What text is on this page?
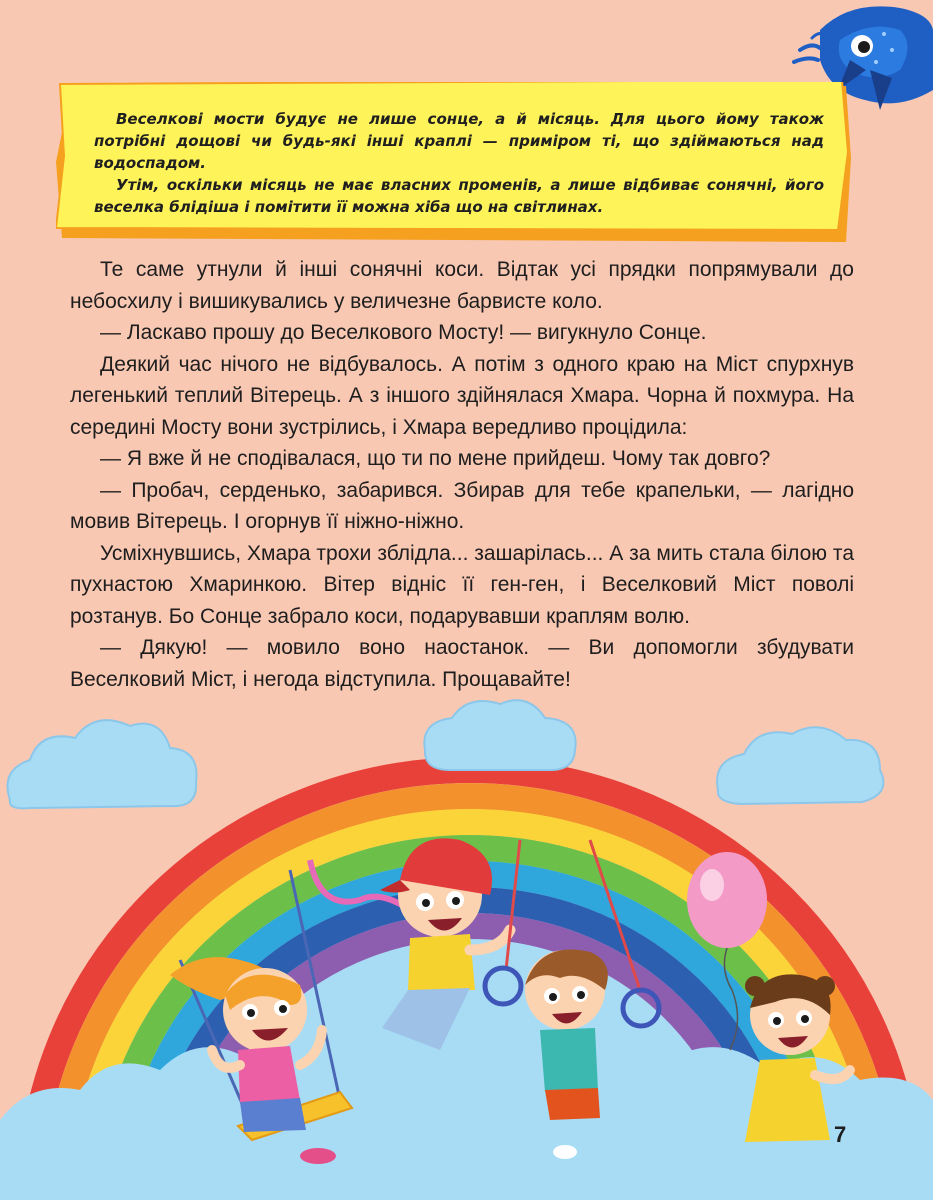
Веселкові мости будує не лише сонце, а й місяць. Для цього йому також потрібні дощові чи будь-які інші краплі — приміром ті, що здіймаються над водоспадом.

Утім, оскільки місяць не має власних променів, а лише відбиває сонячні, його веселка блідіша і помітити її можна хіба що на світлинах.

Те саме утнули й інші сонячні коси. Відтак усі прядки попрямували до небосхилу і вишикувались у величезне барвисте коло.

— Ласкаво прошу до Веселкового Мосту! — вигукнуло Сонце.

Деякий час нічого не відбувалось. А потім з одного краю на Міст спурхнув легенький теплий Вітерець. А з іншого здійнялася Хмара. Чорна й похмура. На середині Мосту вони зустрілись, і Хмара вередливо процідила:

— Я вже й не сподівалася, що ти по мене прийдеш. Чому так довго?

— Пробач, серденько, забарився. Збирав для тебе крапельки, — лагідно мовив Вітерець. І огорнув її ніжно-ніжно.

Усміхнувшись, Хмара трохи зблідла... зашарілась... А за мить стала білою та пухнастою Хмаринкою. Вітер відніс її ген-ген, і Веселковий Міст поволі розтанув. Бо Сонце забрало коси, подарувавши краплям волю.

— Дякую! — мовило воно наостанок. — Ви допомогли збудувати Веселковий Міст, і негода відступила. Прощавайте!

7
